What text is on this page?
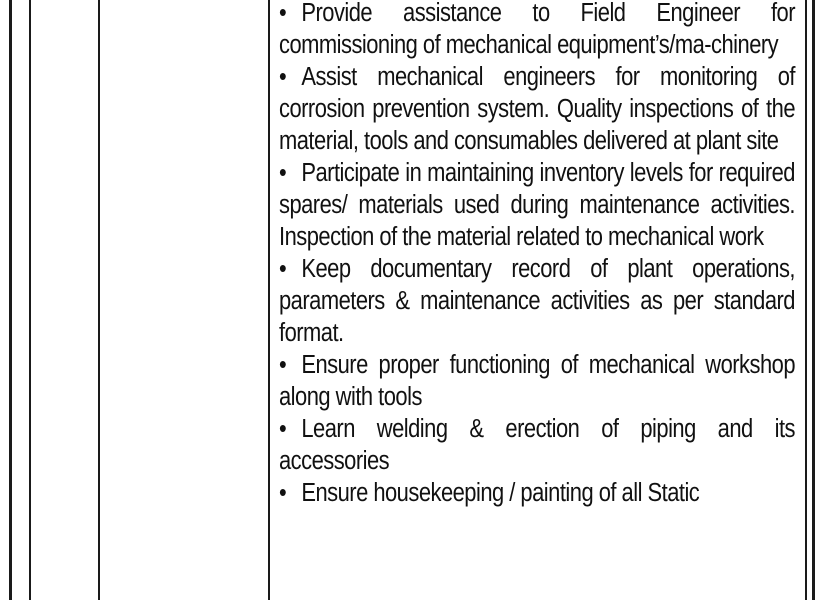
• Provide assistance to Field Engineer for commissioning of mechanical equipment’s/ma-chinery

• Assist mechanical engineers for monitoring of corrosion prevention system. Quality inspections of the material, tools and consumables delivered at plant site

• Participate in maintaining inventory levels for required spares/ materials used during maintenance activities. Inspection of the material related to mechanical work

• Keep documentary record of plant operations, parameters & maintenance activities as per standard format.

• Ensure proper functioning of mechanical workshop along with tools

• Learn welding & erection of piping and its accessories

• Ensure housekeeping / painting of all Static
